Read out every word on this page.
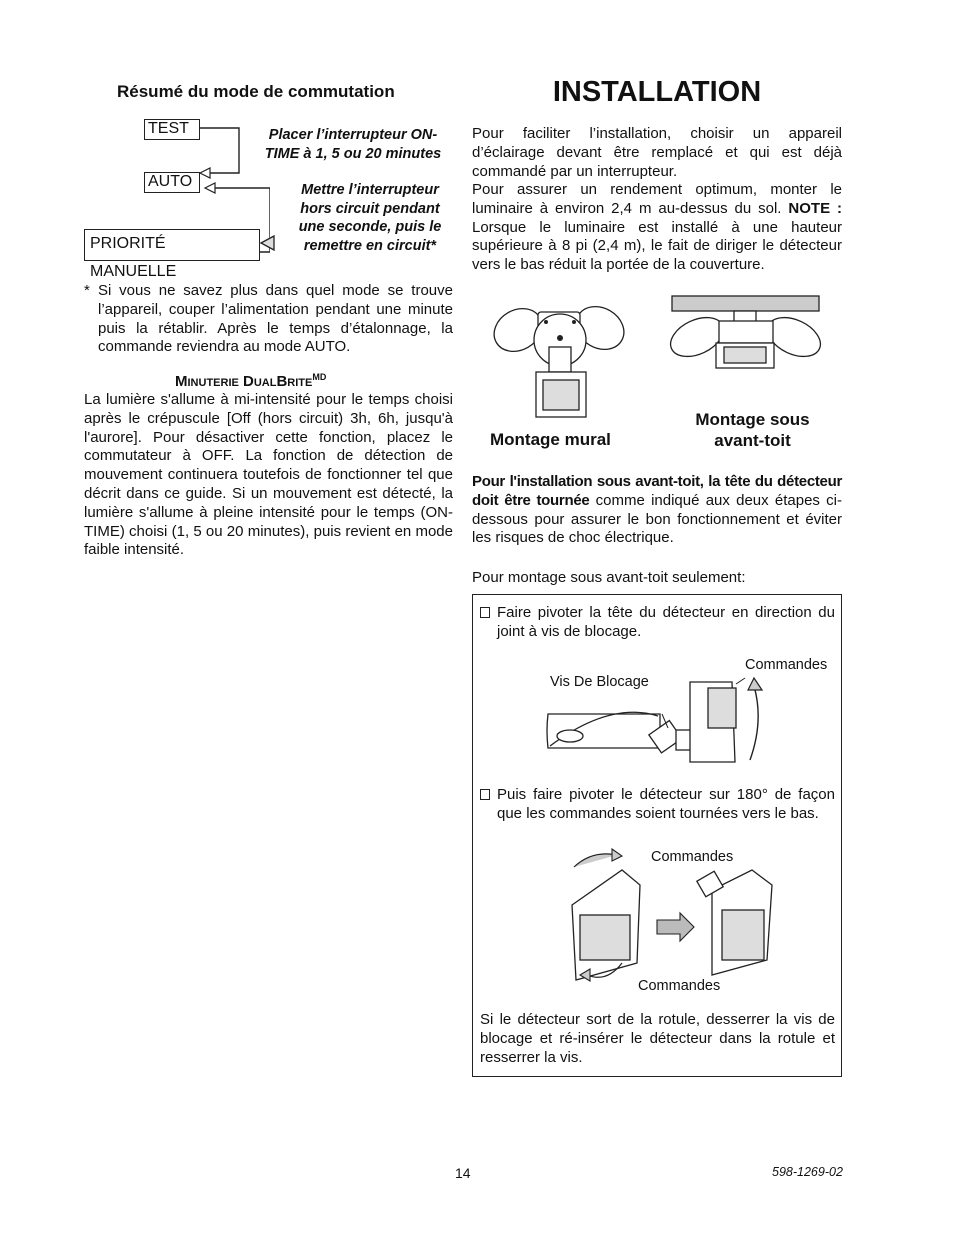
Résumé du mode de commutation
TEST
AUTO
PRIORITÉ MANUELLE
Placer l’interrupteur ON-
TIME à 1, 5 ou 20 minutes
Mettre l’interrupteur
hors circuit pendant
une seconde, puis le
remettre en circuit*
* Si vous ne savez plus dans quel mode se trouve l’appareil, couper l’alimentation pendant une minute puis la rétablir. Après le temps d’étalonnage, la commande reviendra au mode AUTO.

Minuterie DualBrite$^{MD}$

La lumière s'allume à mi-intensité pour le temps choisi après le crépuscule [Off (hors circuit) 3h, 6h, jusqu'à l'aurore]. Pour désactiver cette fonction, placez le commutateur à OFF. La fonction de détection de mouvement continuera toutefois de fonctionner tel que décrit dans ce guide. Si un mouvement est détecté, la lumière s'allume à pleine intensité pour le temps (ON-TIME) choisi (1, 5 ou 20 minutes), puis revient en mode faible intensité.

INSTALLATION

Pour faciliter l’installation, choisir un appareil d’éclairage devant être remplacé et qui est déjà commandé par un interrupteur.

Pour assurer un rendement optimum, monter le luminaire à environ 2,4 m au-dessus du sol. NOTE : Lorsque le luminaire est installé à une hauteur supérieure à 8 pi (2,4 m), le fait de diriger le détecteur vers le bas réduit la portée de la couverture.

Montage mural
Montage sous
avant-toit

Pour l'installation sous avant-toit, la tête du détecteur doit être tournée comme indiqué aux deux étapes ci-dessous pour assurer le bon fonctionnement et éviter les risques de choc électrique.

Pour montage sous avant-toit seulement:

Faire pivoter la tête du détecteur en direction du joint à vis de blocage.

Vis De Blocage
Commandes

Puis faire pivoter le détecteur sur 180° de façon que les commandes soient tournées vers le bas.

Commandes
Commandes

Si le détecteur sort de la rotule, desserrer la vis de blocage et ré-insérer le détecteur dans la rotule et resserrer la vis.

14	598-1269-02
